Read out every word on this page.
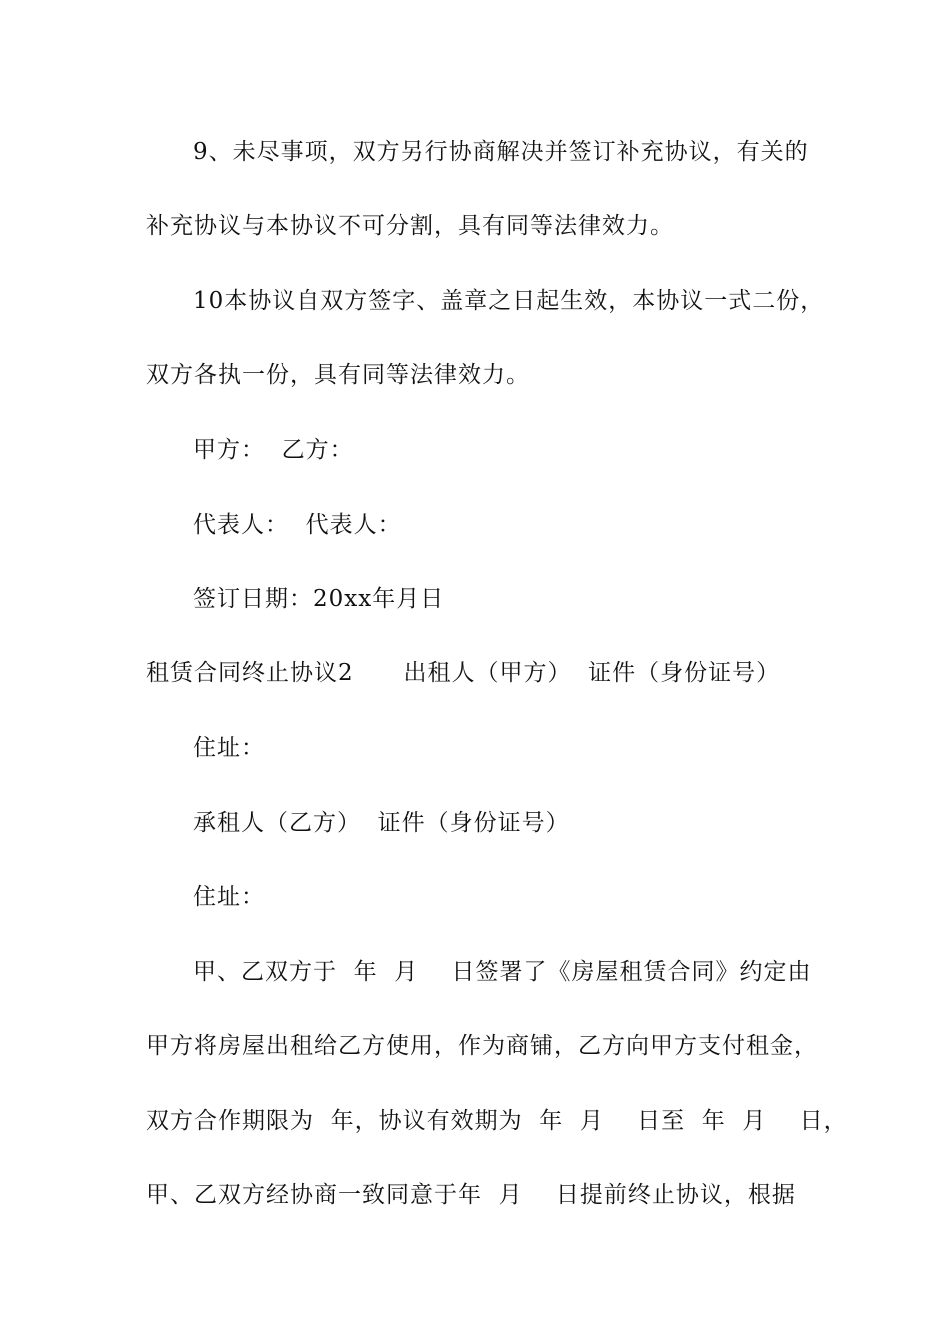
9、未尽事项，双方另行协商解决并签订补充协议，有关的
补充协议与本协议不可分割，具有同等法律效力。
10本协议自双方签字、盖章之日起生效，本协议一式二份，
双方各执一份，具有同等法律效力。
甲方：  乙方：
代表人：  代表人：
签订日期：20xx年月日
租赁合同终止协议2      出租人（甲方）  证件（身份证号）
住址：
承租人（乙方）  证件（身份证号）
住址：
甲、乙双方于  年  月    日签署了《房屋租赁合同》约定由
甲方将房屋出租给乙方使用，作为商铺，乙方向甲方支付租金，
双方合作期限为  年，协议有效期为  年  月    日至  年  月    日，
甲、乙双方经协商一致同意于年  月    日提前终止协议，根据
